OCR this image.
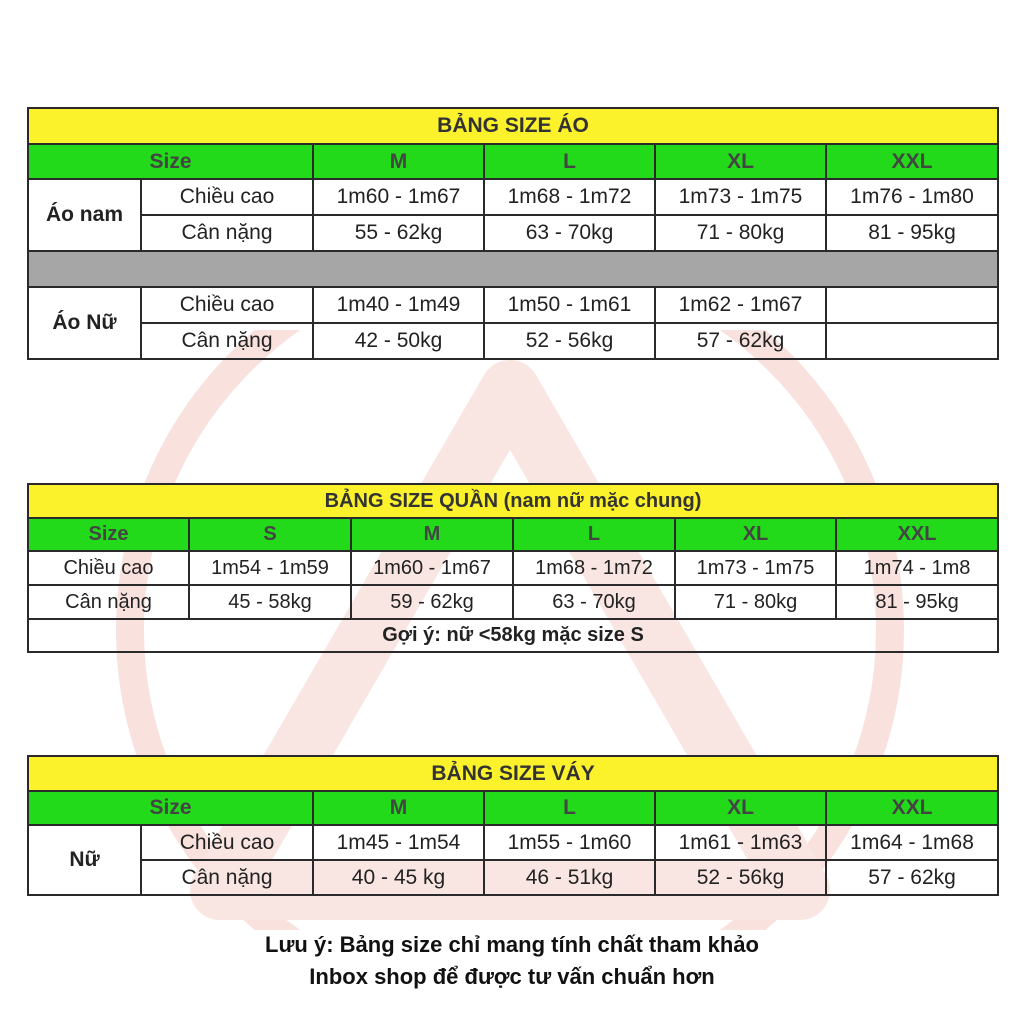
BẢNG SIZE ÁO					
Size		M	L	XL	XXL
Áo nam	Chiều cao	1m60 - 1m67	1m68 - 1m72	1m73 - 1m75	1m76 - 1m80
	Cân nặng	55 - 62kg	63 - 70kg	71 - 80kg	81 - 95kg

Áo Nữ	Chiều cao	1m40 - 1m49	1m50 - 1m61	1m62 - 1m67	
	Cân nặng	42 - 50kg	52 - 56kg	57 - 62kg	
BẢNG SIZE QUẦN (nam nữ mặc chung)					
Size	S	M	L	XL	XXL
Chiều cao	1m54 - 1m59	1m60 - 1m67	1m68 - 1m72	1m73 - 1m75	1m74 - 1m8
Cân nặng	45 - 58kg	59 - 62kg	63 - 70kg	71 - 80kg	81 - 95kg
Gợi ý: nữ <58kg mặc size S					
BẢNG SIZE VÁY					
Size		M	L	XL	XXL
Nữ	Chiều cao	1m45 - 1m54	1m55 - 1m60	1m61 - 1m63	1m64 - 1m68
	Cân nặng	40 - 45 kg	46 - 51kg	52 - 56kg	57 - 62kg
Lưu ý: Bảng size chỉ mang tính chất tham khảo
Inbox shop để được tư vấn chuẩn hơn
